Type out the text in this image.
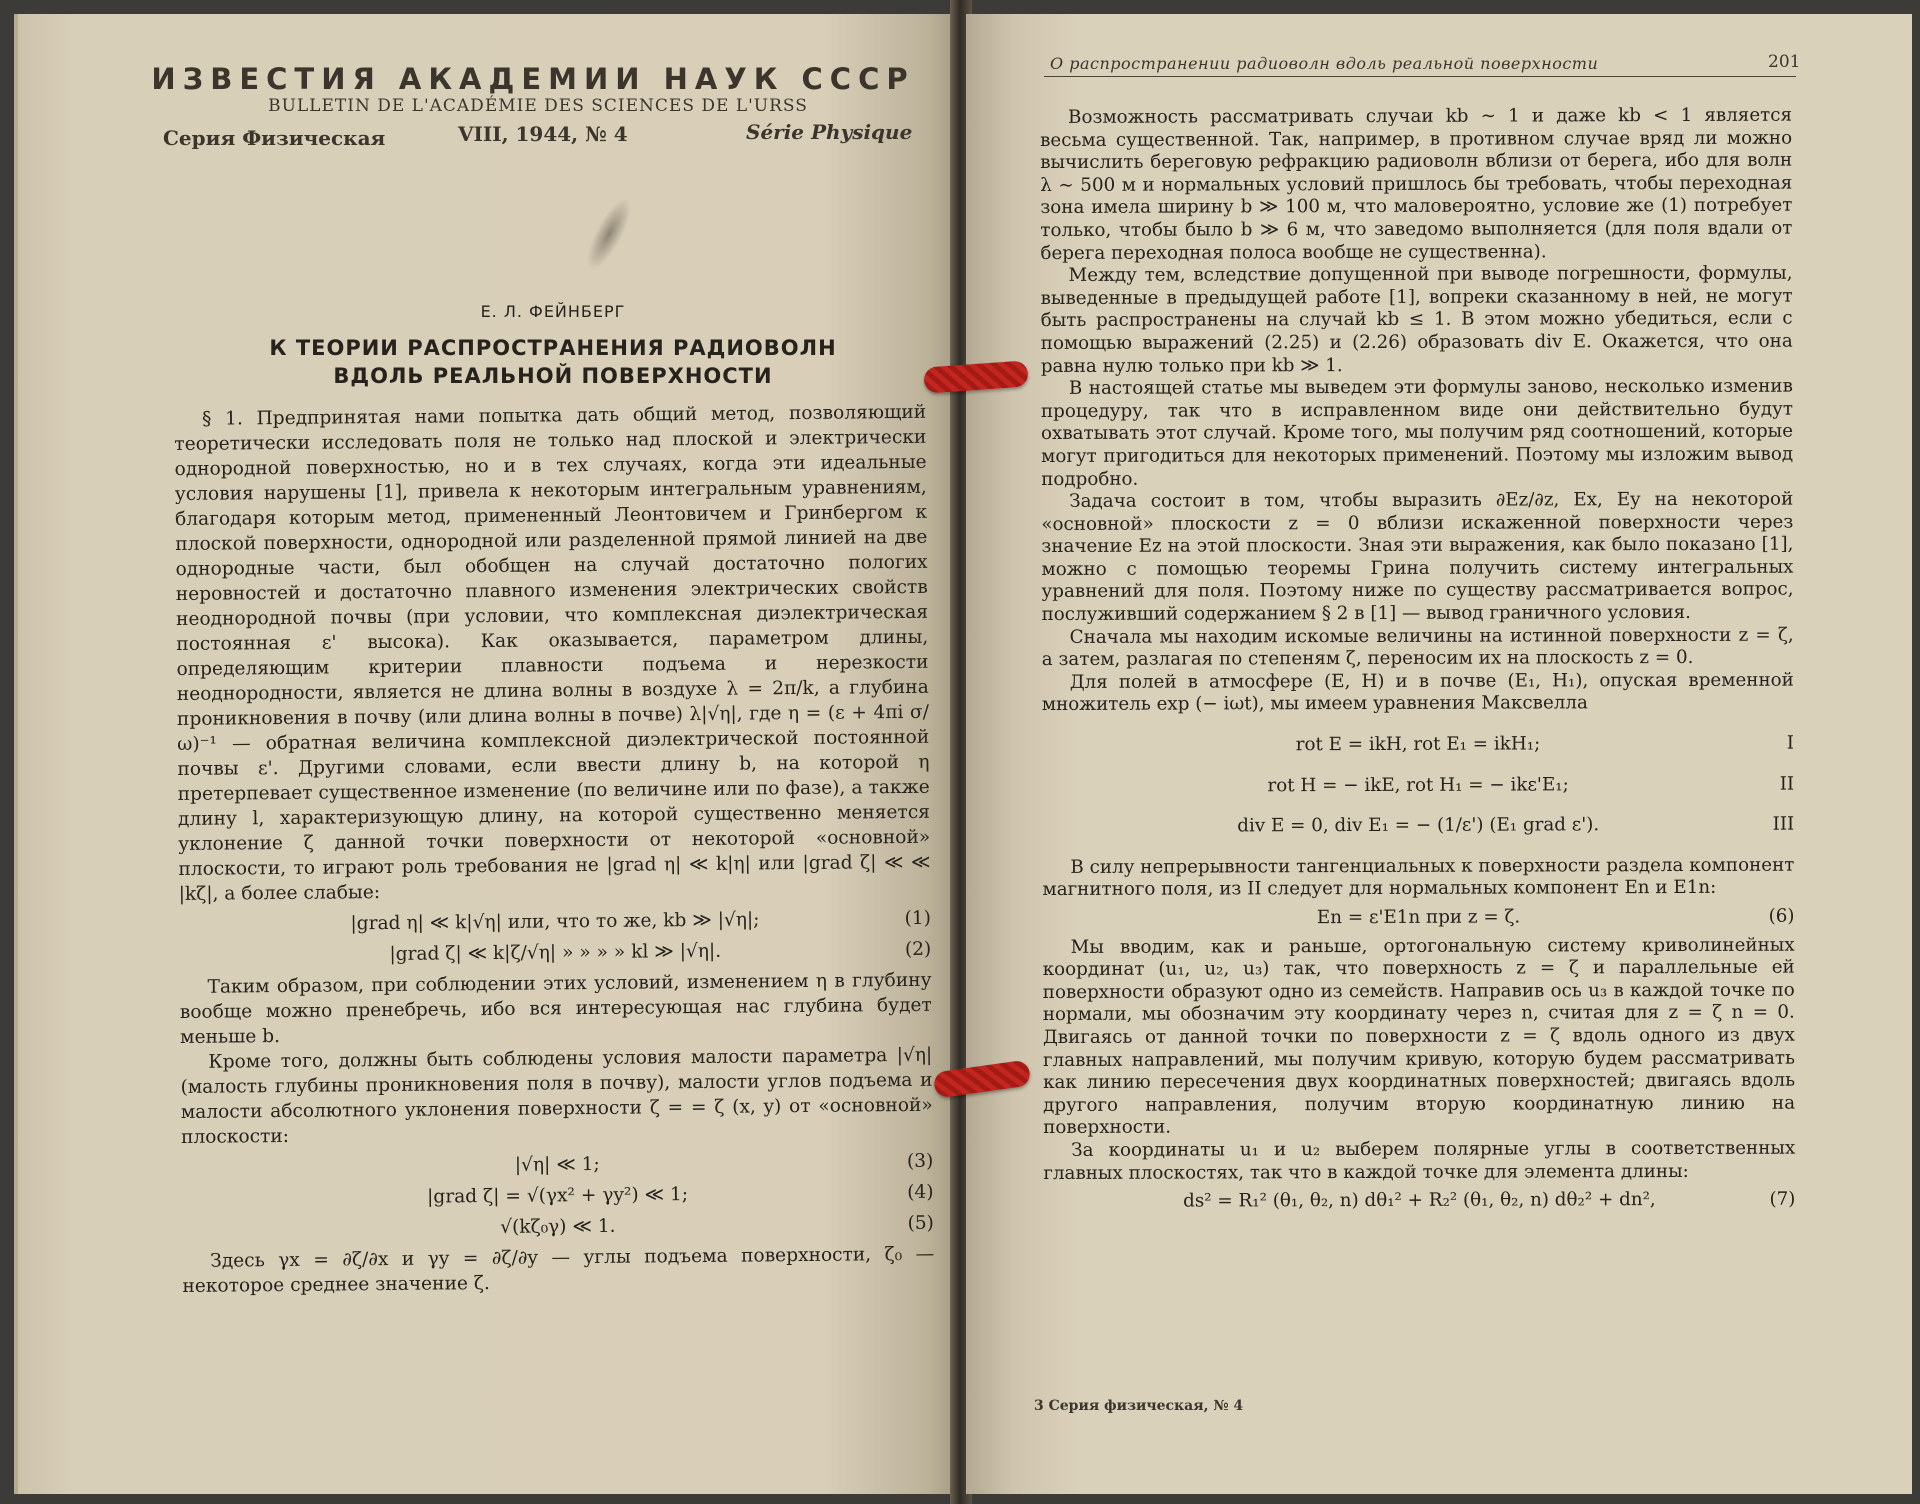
ИЗВЕСТИЯ АКАДЕМИИ НАУК СССР
BULLETIN DE L'ACADÉMIE DES SCIENCES DE L'URSS
Серия Физическая	VIII, 1944, № 4	Série Physique
Е. Л. ФЕЙНБЕРГ
К ТЕОРИИ РАСПРОСТРАНЕНИЯ РАДИОВОЛН
ВДОЛЬ РЕАЛЬНОЙ ПОВЕРХНОСТИ

§ 1. Предпринятая нами попытка дать общий метод, позволяющий теоретически исследовать поля не только над плоской и электрически однородной поверхностью, но и в тех случаях, когда эти идеальные условия нарушены [1], привела к некоторым интегральным уравнениям, благодаря которым метод, примененный Леонтовичем и Гринбергом к плоской поверхности, однородной или разделенной прямой линией на две однородные части, был обобщен на случай достаточно пологих неровностей и достаточно плавного изменения электрических свойств неоднородной почвы (при условии, что комплексная диэлектрическая постоянная ε' высока). Как оказывается, параметром длины, определяющим критерии плавности подъема и нерезкости неоднородности, является не длина волны в воздухе λ = 2π/k, а глубина проникновения в почву (или длина волны в почве) λ|√η|, где η = (ε + 4πi σ/ω)⁻¹ — обратная величина комплексной диэлектрической постоянной почвы ε'. Другими словами, если ввести длину b, на которой η претерпевает существенное изменение (по величине или по фазе), а также длину l, характеризующую длину, на которой существенно меняется уклонение ζ данной точки поверхности от некоторой «основной» плоскости, то играют роль требования не |grad η| ≪ k|η| или |grad ζ| ≪ ≪ |kζ|, а более слабые:

|grad η| ≪ k|√η| или, что то же, kb ≫ |√η|;	(1)
|grad ζ| ≪ k|ζ/√η| » » » » kl ≫ |√η|.	(2)

Таким образом, при соблюдении этих условий, изменением η в глубину вообще можно пренебречь, ибо вся интересующая нас глубина будет меньше b.

Кроме того, должны быть соблюдены условия малости параметра |√η| (малость глубины проникновения поля в почву), малости углов подъема и малости абсолютного уклонения поверхности ζ = = ζ (x, y) от «основной» плоскости:

|√η| ≪ 1;	(3)
|grad ζ| = √(γx² + γy²) ≪ 1;	(4)
√(kζ₀γ) ≪ 1.	(5)

Здесь γx = ∂ζ/∂x и γy = ∂ζ/∂y — углы подъема поверхности, ζ₀ — некоторое среднее значение ζ.

О распространении радиоволн вдоль реальной поверхности	201

Возможность рассматривать случаи kb ∼ 1 и даже kb < 1 является весьма существенной. Так, например, в противном случае вряд ли можно вычислить береговую рефракцию радиоволн вблизи от берега, ибо для волн λ ∼ 500 м и нормальных условий пришлось бы требовать, чтобы переходная зона имела ширину b ≫ 100 м, что маловероятно, условие же (1) потребует только, чтобы было b ≫ 6 м, что заведомо выполняется (для поля вдали от берега переходная полоса вообще не существенна).

Между тем, вследствие допущенной при выводе погрешности, формулы, выведенные в предыдущей работе [1], вопреки сказанному в ней, не могут быть распространены на случай kb ≤ 1. В этом можно убедиться, если с помощью выражений (2.25) и (2.26) образовать div E. Окажется, что она равна нулю только при kb ≫ 1.

В настоящей статье мы выведем эти формулы заново, несколько изменив процедуру, так что в исправленном виде они действительно будут охватывать этот случай. Кроме того, мы получим ряд соотношений, которые могут пригодиться для некоторых применений. Поэтому мы изложим вывод подробно.

Задача состоит в том, чтобы выразить ∂Ez/∂z, Ex, Ey на некоторой «основной» плоскости z = 0 вблизи искаженной поверхности через значение Ez на этой плоскости. Зная эти выражения, как было показано [1], можно с помощью теоремы Грина получить систему интегральных уравнений для поля. Поэтому ниже по существу рассматривается вопрос, послуживший содержанием § 2 в [1] — вывод граничного условия.

Сначала мы находим искомые величины на истинной поверхности z = ζ, а затем, разлагая по степеням ζ, переносим их на плоскость z = 0.

Для полей в атмосфере (E, H) и в почве (E₁, H₁), опуская временной множитель exp (− iωt), мы имеем уравнения Максвелла

rot E = ikH, rot E₁ = ikH₁;	I
rot H = − ikE, rot H₁ = − ikε'E₁;	II
div E = 0, div E₁ = − (1/ε') (E₁ grad ε').	III

В силу непрерывности тангенциальных к поверхности раздела компонент магнитного поля, из II следует для нормальных компонент En и E1n:

En = ε'E1n при z = ζ.	(6)

Мы вводим, как и раньше, ортогональную систему криволинейных координат (u₁, u₂, u₃) так, что поверхность z = ζ и параллельные ей поверхности образуют одно из семейств. Направив ось u₃ в каждой точке по нормали, мы обозначим эту координату через n, считая для z = ζ n = 0. Двигаясь от данной точки по поверхности z = ζ вдоль одного из двух главных направлений, мы получим кривую, которую будем рассматривать как линию пересечения двух координатных поверхностей; двигаясь вдоль другого направления, получим вторую координатную линию на поверхности.

За координаты u₁ и u₂ выберем полярные углы в соответственных главных плоскостях, так что в каждой точке для элемента длины:

ds² = R₁² (θ₁, θ₂, n) dθ₁² + R₂² (θ₁, θ₂, n) dθ₂² + dn²,	(7)
3 Серия физическая, № 4
